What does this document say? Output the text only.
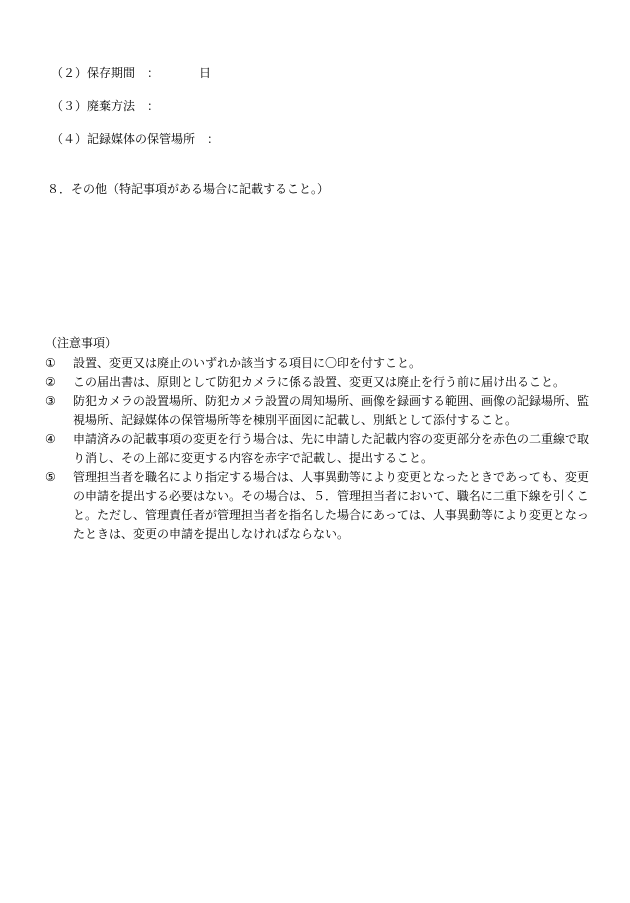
（２）保存期間 ：	日
（３）廃棄方法 ：
（４）記録媒体の保管場所 ：
８．その他（特記事項がある場合に記載すること。）
（注意事項）
①	設置、変更又は廃止のいずれか該当する項目に〇印を付すこと。
②	この届出書は、原則として防犯カメラに係る設置、変更又は廃止を行う前に届け出ること。
③	防犯カメラの設置場所、防犯カメラ設置の周知場所、画像を録画する範囲、画像の記録場所、監視場所、記録媒体の保管場所等を棟別平面図に記載し、別紙として添付すること。
④	申請済みの記載事項の変更を行う場合は、先に申請した記載内容の変更部分を赤色の二重線で取り消し、その上部に変更する内容を赤字で記載し、提出すること。
⑤	管理担当者を職名により指定する場合は、人事異動等により変更となったときであっても、変更の申請を提出する必要はない。その場合は、５．管理担当者において、職名に二重下線を引くこと。ただし、管理責任者が管理担当者を指名した場合にあっては、人事異動等により変更となったときは、変更の申請を提出しなければならない。
